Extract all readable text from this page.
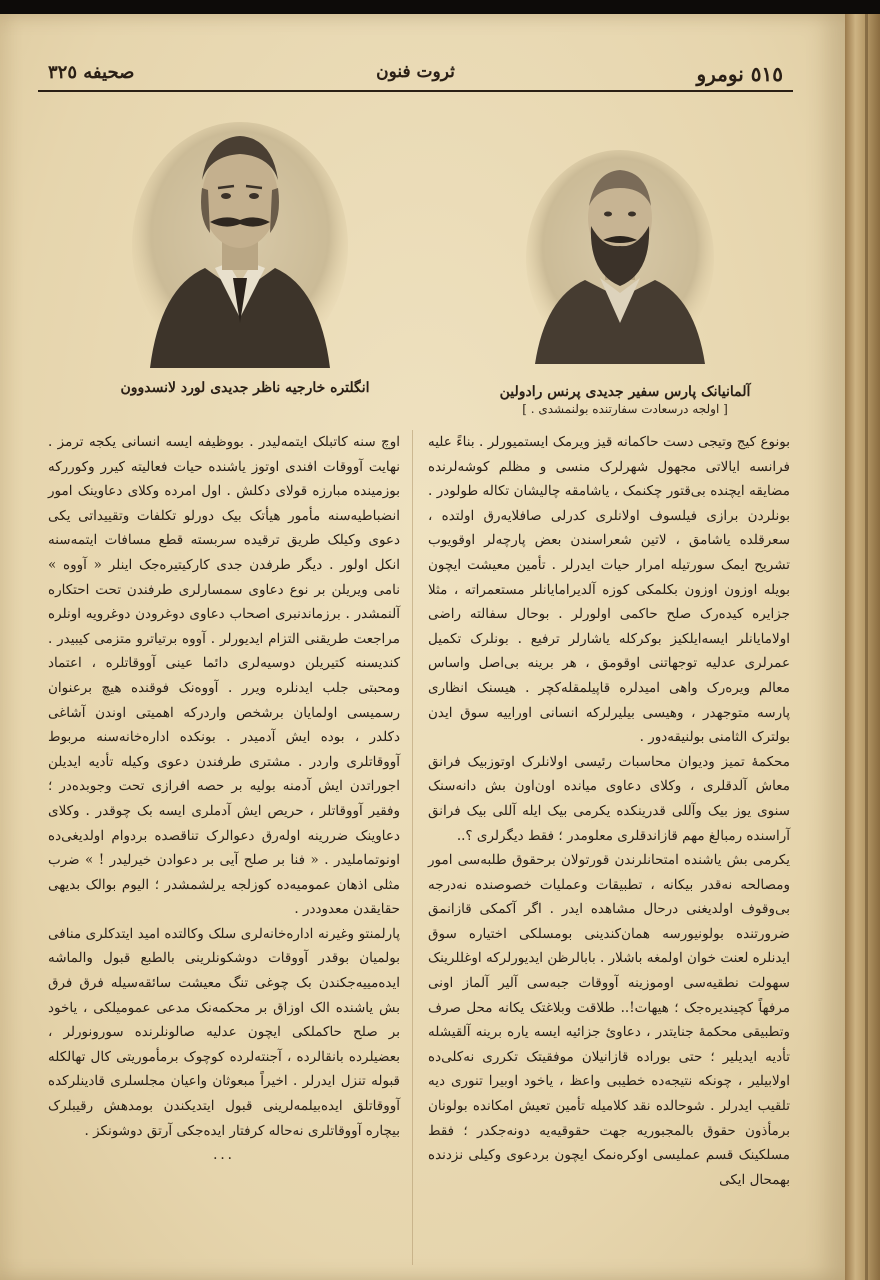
٥١٥ نومرو
ثروت فنون
صحیفه ٣٢٥
انگلتره خارجیه ناظر جدیدی لورد لانسدوون	آلمانیانک پارس سفیر جدیدی پرنس رادولین
[ اولجه درسعادت سفارتنده بولنمشدی . ]

بونوع کیج وتیجی دست حاکمانه قیز ویرمک ایستمیورلر . بناءً علیه فرانسه ایالاتی مجهول شهرلرک منسی و مظلم کوشه‌لرنده مضایقه ایچنده بی‌قتور چکنمک ، یاشامقه چالیشان تکاله طولودر . بونلردن برازی فیلسوف اولانلری کدرلی صافلایه‌رق اولتده ، سعرقلده یاشامق ، لاتین شعراسندن بعض پارچه‌لر اوقویوب تشریح ایمک سورتیله امرار حیات ایدرلر . تأمین معیشت ایچون بویله اوزون اوزون بکلمکی کوزه آلدیرامایانلر مستعمراته ، مثلا جزایره کیده‌رک صلح حاکمی اولورلر . بوحال سفالته راضی اولامایانلر ایسه‌ایلکیز بوکرکله یاشارلر ترفیع . بونلرک تکمیل عمرلری عدلیه توجهاتنی اوقومق ، هر برینه بی‌اصل واساس معالم ویره‌رک واهی امیدلره قاپیلمقله‌کچر . هیسنک انظاری پارسه متوجهدر ، وهیسی بیلیرلرکه انسانی اوراییه سوق ایدن بولترک الثامنی بولنیقه‌دور .

محکمهٔ تمیز ودیوان محاسبات رئیسی اولانلرک اوتوزبیک فرانق معاش آلدقلری ، وکلای دعاوی میانده اون‌اون بش دانه‌سنک سنوی یوز بیک وآللی قدرینکده یکرمی بیک ایله آللی بیک فرانق آراسنده رمبالغ مهم قازاندقلری معلومدر ؛ فقط دیگرلری ؟..

یکرمی بش یاشنده امتحانلرندن قورتولان برحقوق طلبه‌سی امور ومصالحه نه‌قدر بیکانه ، تطبیقات وعملیات خصوصنده نه‌درجه بی‌وقوف اولدیغنی درحال مشاهده ایدر . اگر آکمکی قازانمق ضرورتنده بولونیورسه همان‌کندینی بومسلکی اختیاره سوق ایدنلره لعنت خوان اولمغه باشلار . بابالرظن ایدیورلرکه اوغللرینک سهولت نطقیه‌سی اوموزینه آووقات جبه‌سی آلیر آلماز اونی مرفهاً کچیندیره‌جک ؛ هیهات!.. طلاقت وبلاغتک یکانه محل صرف وتطبیقی محکمهٔ جنایتدر ، دعاویٔ جزائیه ایسه یاره برینه آلقیشله تأدیه ایدیلیر ؛ حتی بوراده قازانیلان موفقیتک تکرری نه‌کلی‌ده اولابیلیر ، چونکه نتیجه‌ده خطیبی واعظ ، یاخود اوبیرا تنوری دیه تلقیب ایدرلر . شوحالده نقد کلامیله تأمین تعیش امکانده بولونان برمأذون حقوق بالمجبوریه جهت حقوقیه‌یه دونه‌جکدر ؛ فقط مسلکینک قسم عملیسی اوکره‌نمک ایچون بردعوی وکیلی نزدنده بهمحال ایکی

اوچ سنه کاتبلک ایتمه‌لیدر . بووظیفه ایسه انسانی یکجه ترمز . نهایت آووقات افندی اوتوز یاشنده حیات فعالیته کیرر وکوررکه بوزمینده مبارزه قولای دکلش . اول امرده وکلای دعاوینک امور انضباطیه‌سنه مأمور هیأتک بیک دورلو تکلفات وتقییداتی یکی دعوی وکیلک طریق ترقیده سربسته قطع مسافات ایتمه‌سنه انکل اولور . دیگر طرفدن جدی کارکیتیره‌جک اینلر « آووه » نامی ویریلن بر نوع دعاوی سمسارلری طرفندن تحت احتکاره آلنمشدر . برزماندنبری اصحاب دعاوی دوغرودن دوغرویه اونلره مراجعت طریقنی التزام ایدیورلر . آووه برتیاترو متزمی کیبیدر . کندیسنه کتیریلن دوسیه‌لری دائما عینی آووقاتلره ، اعتماد ومحبتی جلب ایدنلره ویرر . آووه‌نک فوقنده هیچ برعنوان رسمیسی اولمایان برشخص واردرکه اهمیتی اوندن آشاغی دکلدر ، بوده ایش آدمیدر . بونکده اداره‌خانه‌سنه مربوط آووقاتلری واردر . مشتری طرفندن دعوی وکیله تأدیه ایدیلن اجوراتدن ایش آدمنه بولیه بر حصه افرازی تحت وجوبده‌در ؛ وفقیر آووقاتلر ، حریص ایش آدملری ایسه بک چوقدر . وکلای دعاوینک ضررینه اوله‌رق دعوالرک تناقصده بردوام اولدیغی‌ده اونوتماملیدر . « فنا بر صلح آیی بر دعوادن خیرلیدر ! » ضرب مثلی اذهان عمومیه‌ده کوزلجه یرلشمشدر ؛ الیوم بوالک بدیهی حقایقدن معدوددر .

پارلمنتو وغیرنه اداره‌خانه‌لری سلک وکالتده امید ایتدکلری منافی بولمیان بوقدر آووقات دوشکونلرینی بالطبع قبول والماشه ایده‌مییه‌جکندن بک چوغی تنگ معیشت سائقه‌سیله فرق فرق بش یاشنده الک اوزاق بر محکمه‌نک مدعی عمومیلکی ، یاخود بر صلح حاکملکی ایچون عدلیه صالونلرنده سورونورلر ، بعضیلرده‌ بانقالرده ، آجنته‌لرده کوچوک برمأموریتی کال تهالکله قبوله تنزل ایدرلر . اخیراً مبعوثان واعیان مجلسلری قادینلرکده آووقاتلق ایده‌بیلمه‌لرینی قبول ایتدیکندن بومدهش رقیبلرک بیچاره آووقاتلری نه‌حاله کرفتار ایده‌جکی آرتق دوشونکز .

...
